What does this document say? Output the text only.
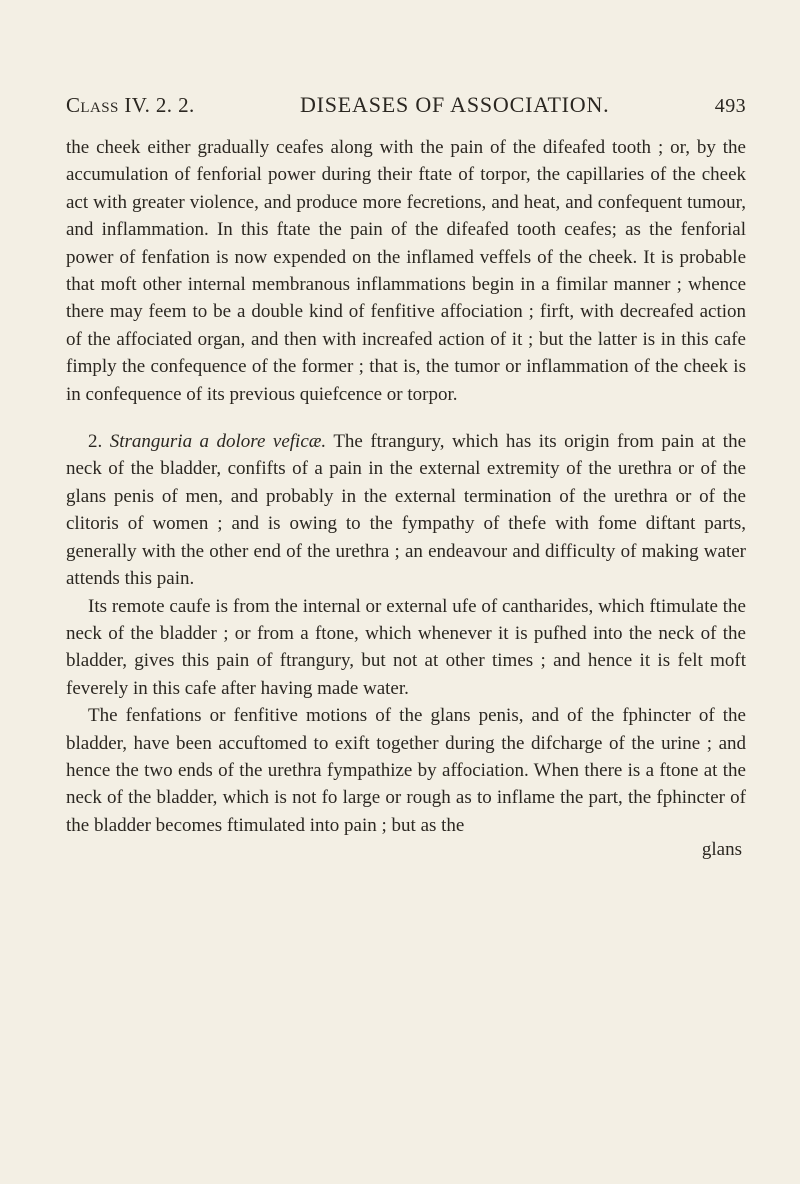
Class IV. 2. 2.	DISEASES OF ASSOCIATION.	493

the cheek either gradually ceafes along with the pain of the difeafed tooth ; or, by the accumulation of fenforial power during their ftate of torpor, the capillaries of the cheek act with greater violence, and produce more fecretions, and heat, and confequent tumour, and inflammation. In this ftate the pain of the difeafed tooth ceafes; as the fenforial power of fenfation is now expended on the inflamed veffels of the cheek. It is probable that moft other internal membranous inflammations begin in a fimilar manner ; whence there may feem to be a double kind of fenfitive affociation ; firft, with decreafed action of the affociated organ, and then with increafed action of it ; but the latter is in this cafe fimply the confequence of the former ; that is, the tumor or inflammation of the cheek is in confequence of its previous quiefcence or torpor.

2. Stranguria a dolore veficæ. The ftrangury, which has its origin from pain at the neck of the bladder, confifts of a pain in the external extremity of the urethra or of the glans penis of men, and probably in the external termination of the urethra or of the clitoris of women ; and is owing to the fympathy of thefe with fome diftant parts, generally with the other end of the urethra ; an endeavour and difficulty of making water attends this pain.

Its remote caufe is from the internal or external ufe of cantharides, which ftimulate the neck of the bladder ; or from a ftone, which whenever it is pufhed into the neck of the bladder, gives this pain of ftrangury, but not at other times ; and hence it is felt moft feverely in this cafe after having made water.

The fenfations or fenfitive motions of the glans penis, and of the fphincter of the bladder, have been accuftomed to exift together during the difcharge of the urine ; and hence the two ends of the urethra fympathize by affociation. When there is a ftone at the neck of the bladder, which is not fo large or rough as to inflame the part, the fphincter of the bladder becomes ftimulated into pain ; but as the

glans
